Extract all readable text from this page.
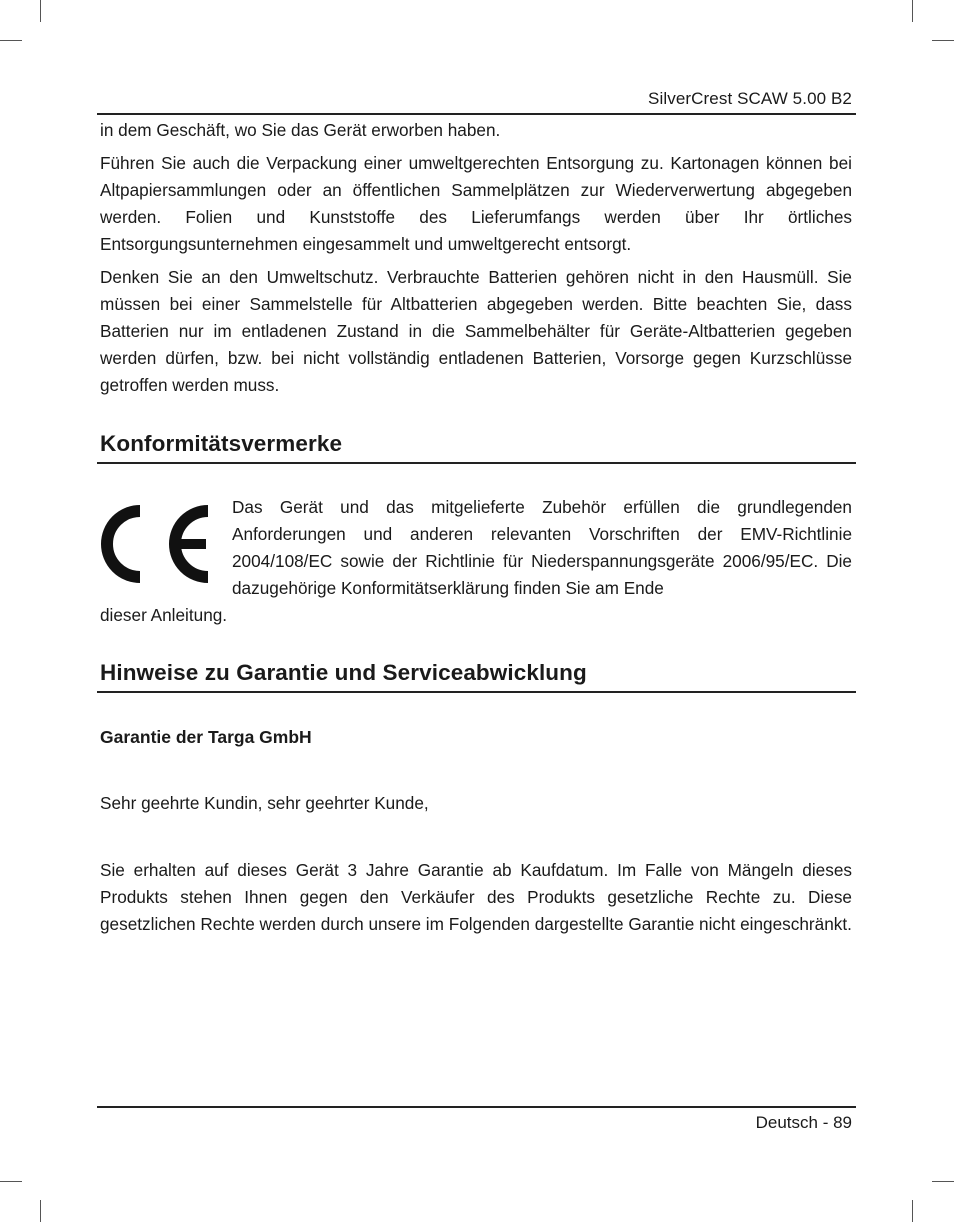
SilverCrest SCAW 5.00 B2

in dem Geschäft, wo Sie das Gerät erworben haben.

Führen Sie auch die Verpackung einer umweltgerechten Entsorgung zu. Kartonagen können bei Altpapiersammlungen oder an öffentlichen Sammelplätzen zur Wiederverwertung abgegeben werden. Folien und Kunststoffe des Lieferumfangs werden über Ihr örtliches Entsorgungsunternehmen eingesammelt und umweltgerecht entsorgt.

Denken Sie an den Umweltschutz. Verbrauchte Batterien gehören nicht in den Hausmüll. Sie müssen bei einer Sammelstelle für Altbatterien abgegeben werden. Bitte beachten Sie, dass Batterien nur im entladenen Zustand in die Sammelbehälter für Geräte-Altbatterien gegeben werden dürfen, bzw. bei nicht vollständig entladenen Batterien, Vorsorge gegen Kurzschlüsse getroffen werden muss.

Konformitätsvermerke

Das Gerät und das mitgelieferte Zubehör erfüllen die grundlegenden Anforderungen und anderen relevanten Vorschriften der EMV-Richtlinie 2004/108/EC sowie der Richtlinie für Niederspannungsgeräte 2006/95/EC. Die dazugehörige Konformitätserklärung finden Sie am Ende

dieser Anleitung.

Hinweise zu Garantie und Serviceabwicklung
Garantie der Targa GmbH

Sehr geehrte Kundin, sehr geehrter Kunde,

Sie erhalten auf dieses Gerät 3 Jahre Garantie ab Kaufdatum. Im Falle von Mängeln dieses Produkts stehen Ihnen gegen den Verkäufer des Produkts gesetzliche Rechte zu. Diese gesetzlichen Rechte werden durch unsere im Folgenden dargestellte Garantie nicht eingeschränkt.

Deutsch - 89
